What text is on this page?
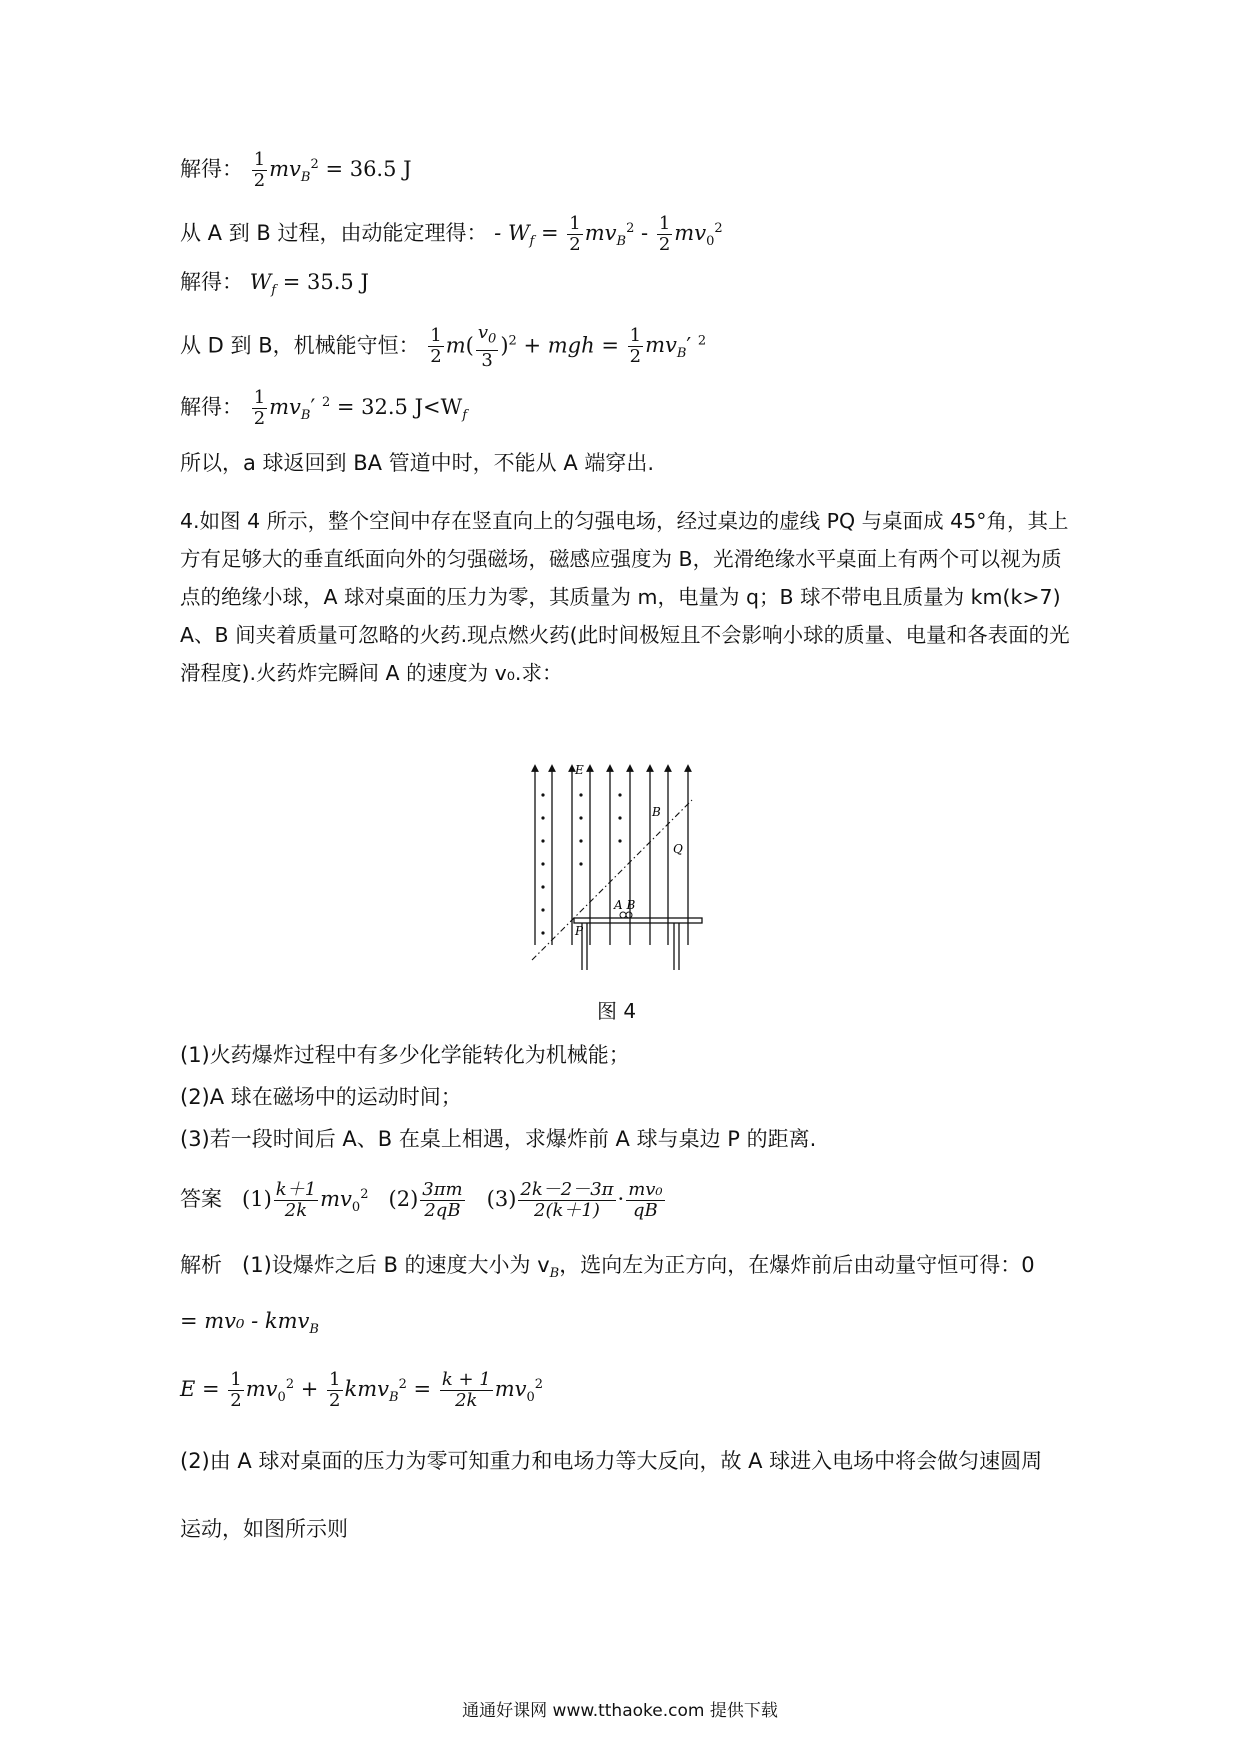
解得： $\frac{1}{2} mv_B^2 = 36.5$ J
从 A 到 B 过程，由动能定理得： - $W_f = \frac{1}{2} mv_B^2 - \frac{1}{2} mv_0^2$
解得： $W_f = 35.5$ J
从 D 到 B，机械能守恒： $\frac{1}{2} m( \frac{v_0}{3} )^2$ + mgh = $\frac{1}{2} mv_B'$ $^2$
解得： $\frac{1}{2} mv_B'$ $^2$ = 32.5 $J<W_f$
所以，a 球返回到 BA 管道中时，不能从 A 端穿出.
4.如图 4 所示，整个空间中存在竖直向上的匀强电场，经过桌边的虚线 PQ 与桌面成 45°角，其上方有足够大的垂直纸面向外的匀强磁场，磁感应强度为 B，光滑绝缘水平桌面上有两个可以视为质点的绝缘小球，A 球对桌面的压力为零，其质量为 m，电量为 q；B 球不带电且质量为 km(k>7) A、B 间夹着质量可忽略的火药.现点燃火药(此时间极短且不会影响小球的质量、电量和各表面的光滑程度).火药炸完瞬间 A 的速度为 v₀.求：
E
B
Q
P
A B
图 4
(1)火药爆炸过程中有多少化学能转化为机械能；
(2)A 球在磁场中的运动时间；
(3)若一段时间后 A、B 在桌上相遇，求爆炸前 A 球与桌边 P 的距离.
答案 $(1) \frac{k+1}{2k} mv_0^2$ $(2) \frac{3\pi m}{2qB} (3) \frac{2k-2-3\pi}{2(k+1)} \cdot \frac{\text{mv₀}}{qB}$
解析 (1)设爆炸之后 B 的速度大小为 $v_B$，选向左为正方向，在爆炸前后由动量守恒可得：0
= mv₀ - kmv$_B$
$E = \frac{1}{2} mv_0^2 + \frac{1}{2} kmv_B^2 = \frac{k + 1}{2k} mv_0^2$
(2)由 A 球对桌面的压力为零可知重力和电场力等大反向，故 A 球进入电场中将会做匀速圆周
运动，如图所示则
通通好课网 www.tthaoke.com 提供下载
